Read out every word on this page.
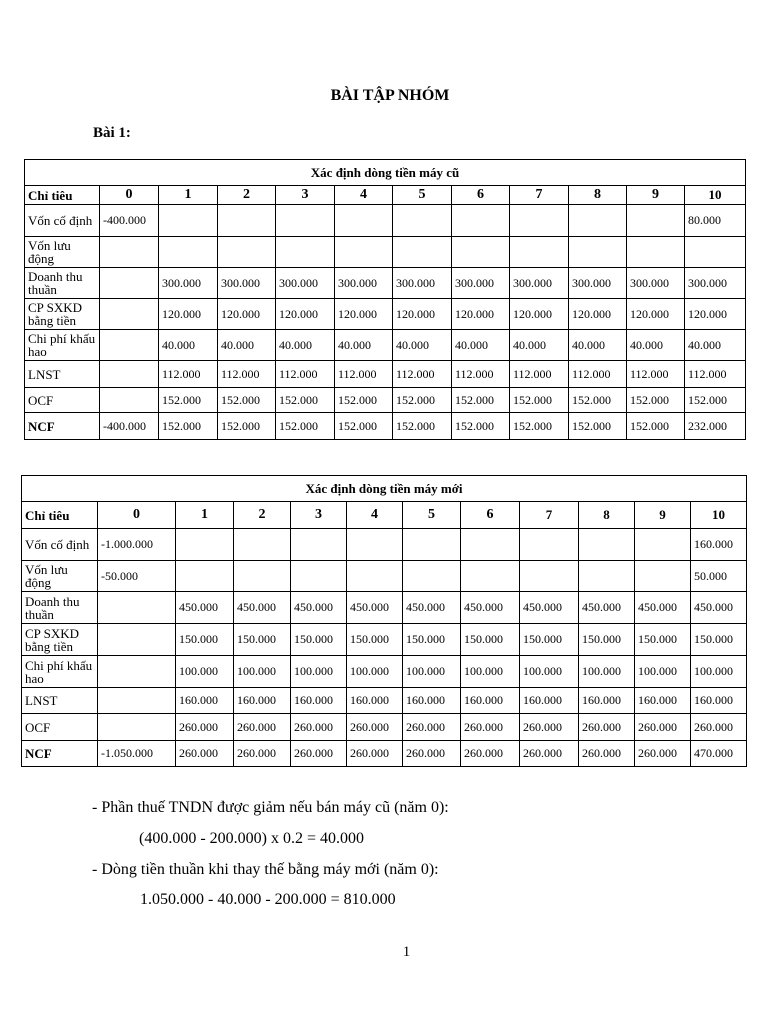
BÀI TẬP NHÓM
Bài 1:
Xác định dòng tiền máy cũ											
Chỉ tiêu	0	1	2	3	4	5	6	7	8	9	10
Vốn cố định	-400.000										80.000
Vốn lưu động											
Doanh thu thuần		300.000	300.000	300.000	300.000	300.000	300.000	300.000	300.000	300.000	300.000
CP SXKD bằng tiền		120.000	120.000	120.000	120.000	120.000	120.000	120.000	120.000	120.000	120.000
Chi phí khấu hao		40.000	40.000	40.000	40.000	40.000	40.000	40.000	40.000	40.000	40.000
LNST		112.000	112.000	112.000	112.000	112.000	112.000	112.000	112.000	112.000	112.000
OCF		152.000	152.000	152.000	152.000	152.000	152.000	152.000	152.000	152.000	152.000
NCF	-400.000	152.000	152.000	152.000	152.000	152.000	152.000	152.000	152.000	152.000	232.000
Xác định dòng tiền máy mới											
Chỉ tiêu	0	1	2	3	4	5	6	7	8	9	10
Vốn cố định	-1.000.000										160.000
Vốn lưu động	-50.000										50.000
Doanh thu thuần		450.000	450.000	450.000	450.000	450.000	450.000	450.000	450.000	450.000	450.000
CP SXKD bằng tiền		150.000	150.000	150.000	150.000	150.000	150.000	150.000	150.000	150.000	150.000
Chi phí khấu hao		100.000	100.000	100.000	100.000	100.000	100.000	100.000	100.000	100.000	100.000
LNST		160.000	160.000	160.000	160.000	160.000	160.000	160.000	160.000	160.000	160.000
OCF		260.000	260.000	260.000	260.000	260.000	260.000	260.000	260.000	260.000	260.000
NCF	-1.050.000	260.000	260.000	260.000	260.000	260.000	260.000	260.000	260.000	260.000	470.000
- Phần thuế TNDN được giảm nếu bán máy cũ (năm 0):
(400.000 - 200.000) x 0.2 = 40.000
- Dòng tiền thuần khi thay thế bằng máy mới (năm 0):
1.050.000 - 40.000 - 200.000 = 810.000
1
